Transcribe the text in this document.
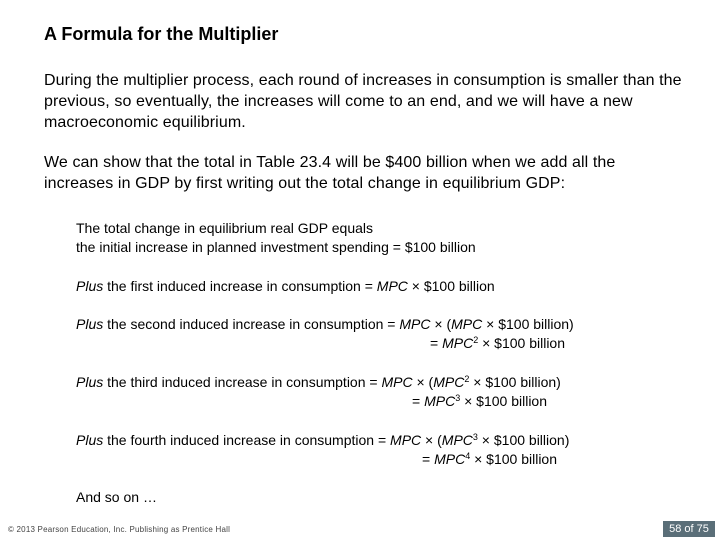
A Formula for the Multiplier
During the multiplier process, each round of increases in consumption is smaller than the previous, so eventually, the increases will come to an end, and we will have a new macroeconomic equilibrium.
We can show that the total in Table 23.4 will be $400 billion when we add all the increases in GDP by first writing out the total change in equilibrium GDP:
The total change in equilibrium real GDP equals
the initial increase in planned investment spending = $100 billion
Plus the first induced increase in consumption = MPC × $100 billion
Plus the second induced increase in consumption = MPC × (MPC × $100 billion)
= $MPC^2$ × $100 billion
Plus the third induced increase in consumption = MPC × ($MPC^2$ × $100 billion)
= $MPC^3$ × $100 billion
Plus the fourth induced increase in consumption = MPC × ($MPC^3$ × $100 billion)
= $MPC^4$ × $100 billion
And so on …
© 2013 Pearson Education, Inc. Publishing as Prentice Hall	58 of 75
